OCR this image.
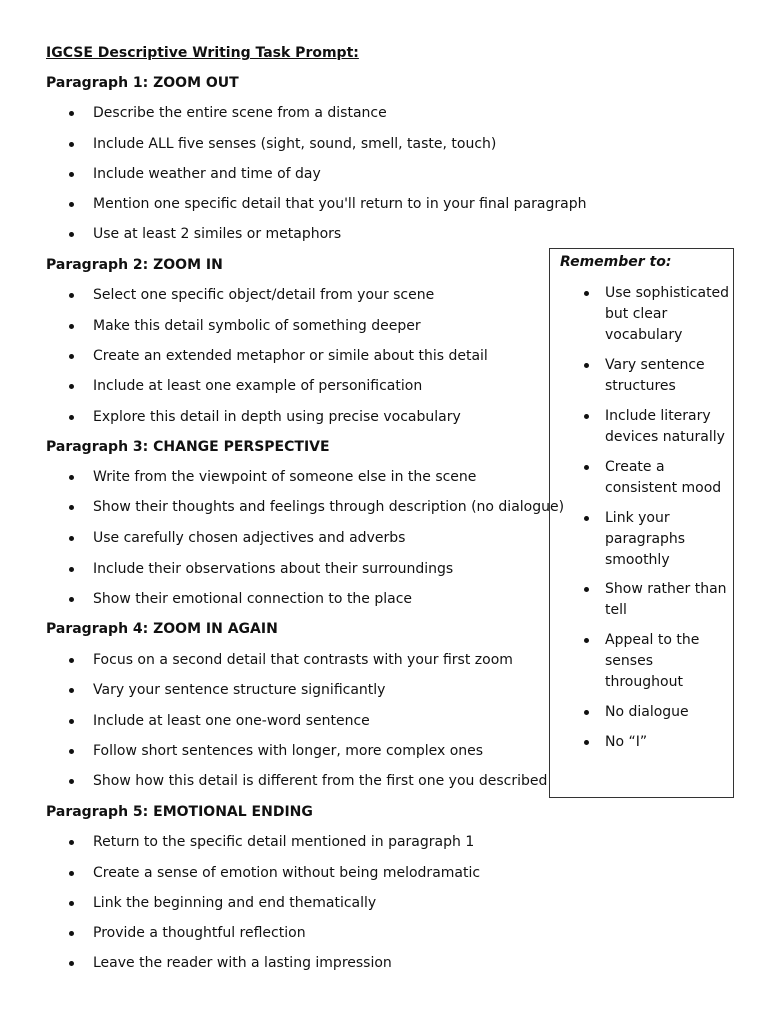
IGCSE Descriptive Writing Task Prompt:
Paragraph 1: ZOOM OUT
Describe the entire scene from a distance
Include ALL five senses (sight, sound, smell, taste, touch)
Include weather and time of day
Mention one specific detail that you'll return to in your final paragraph
Use at least 2 similes or metaphors
Paragraph 2: ZOOM IN
Select one specific object/detail from your scene
Make this detail symbolic of something deeper
Create an extended metaphor or simile about this detail
Include at least one example of personification
Explore this detail in depth using precise vocabulary
Paragraph 3: CHANGE PERSPECTIVE
Write from the viewpoint of someone else in the scene
Show their thoughts and feelings through description (no dialogue)
Use carefully chosen adjectives and adverbs
Include their observations about their surroundings
Show their emotional connection to the place
Paragraph 4: ZOOM IN AGAIN
Focus on a second detail that contrasts with your first zoom
Vary your sentence structure significantly
Include at least one one-word sentence
Follow short sentences with longer, more complex ones
Show how this detail is different from the first one you described
Paragraph 5: EMOTIONAL ENDING
Return to the specific detail mentioned in paragraph 1
Create a sense of emotion without being melodramatic
Link the beginning and end thematically
Provide a thoughtful reflection
Leave the reader with a lasting impression
Remember to:
Use sophisticated but clear vocabulary
Vary sentence structures
Include literary devices naturally
Create a consistent mood
Link your paragraphs smoothly
Show rather than tell
Appeal to the senses throughout
No dialogue
No “I”
